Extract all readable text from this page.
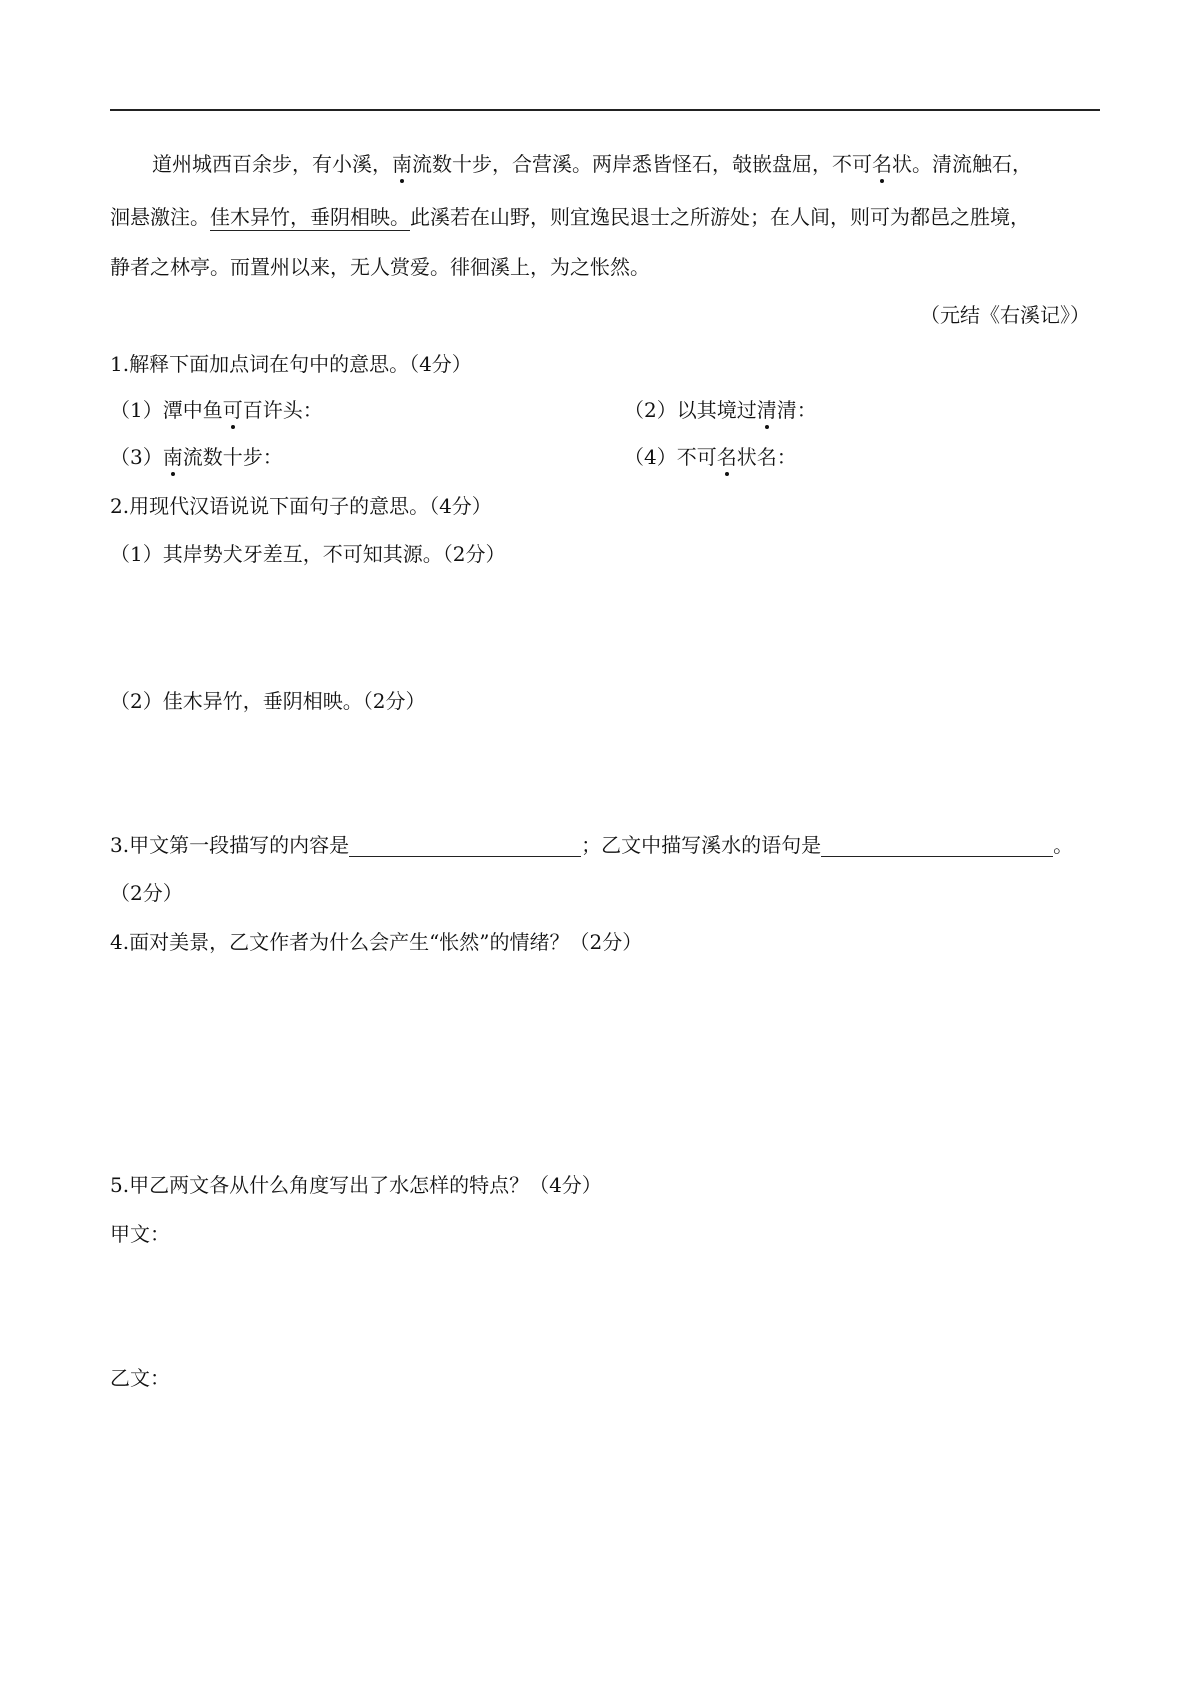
道州城西百余步，有小溪，南流数十步，合营溪。两岸悉皆怪石，攲嵌盘屈，不可名状。清流触石，
洄悬激注。佳木异竹，垂阴相映。此溪若在山野，则宜逸民退士之所游处；在人间，则可为都邑之胜境，
静者之林亭。而置州以来，无人赏爱。徘徊溪上，为之怅然。
（元结《右溪记》）
1.解释下面加点词在句中的意思。（4分）
（1）潭中鱼可百许头：	（2）以其境过清清：
（3）南流数十步：	（4）不可名状名：
2.用现代汉语说说下面句子的意思。（4分）
（1）其岸势犬牙差互，不可知其源。（2分）
（2）佳木异竹，垂阴相映。（2分）
3.甲文第一段描写的内容是	；乙文中描写溪水的语句是	。
（2分）
4.面对美景，乙文作者为什么会产生“怅然”的情绪？（2分）
5.甲乙两文各从什么角度写出了水怎样的特点？（4分）
甲文：
乙文：
